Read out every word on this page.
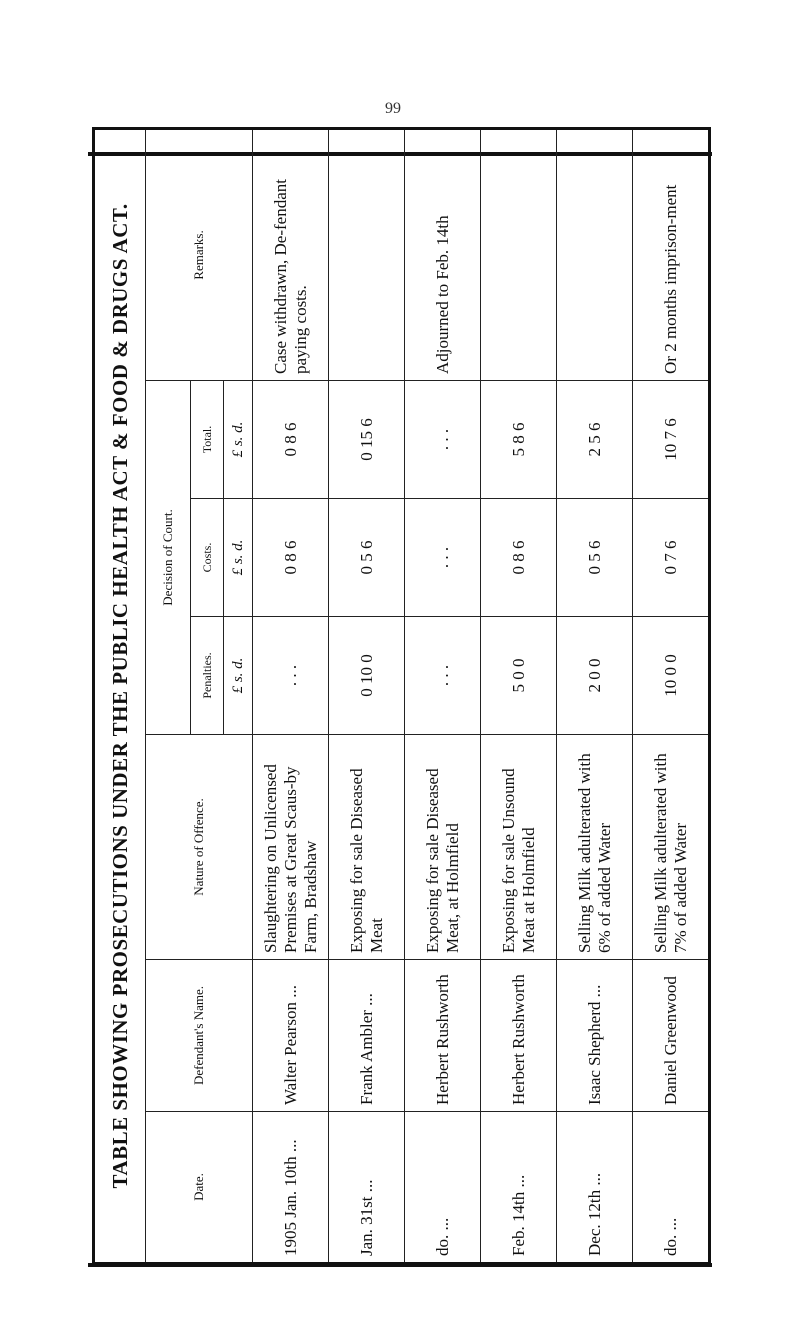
99
TABLE SHOWING PROSECUTIONS UNDER THE PUBLIC HEALTH ACT & FOOD & DRUGS ACT.						
Date.	Defendant's Name.	Nature of Offence.	Decision of Court.			Remarks.
			Penalties.	Costs.	Total.	
			£ s. d.	£ s. d.	£ s. d.	
1905 Jan. 10th ...	Walter Pearson ...	Slaughtering on Unlicensed Premises at Great Scaus-by Farm, Bradshaw	. . .	0 8 6	0 8 6	Case withdrawn, De-fendant paying costs.
Jan. 31st ...	Frank Ambler ...	Exposing for sale Diseased Meat	0 10 0	0 5 6	0 15 6	
do. ...	Herbert Rushworth	Exposing for sale Diseased Meat, at Holmfield	. . .	. . .	. . .	Adjourned to Feb. 14th
Feb. 14th ...	Herbert Rushworth	Exposing for sale Unsound Meat at Holmfield	5 0 0	0 8 6	5 8 6	
Dec. 12th ...	Isaac Shepherd ...	Selling Milk adulterated with 6% of added Water	2 0 0	0 5 6	2 5 6	
do. ...	Daniel Greenwood	Selling Milk adulterated with 7% of added Water	10 0 0	0 7 6	10 7 6	Or 2 months imprison-ment
